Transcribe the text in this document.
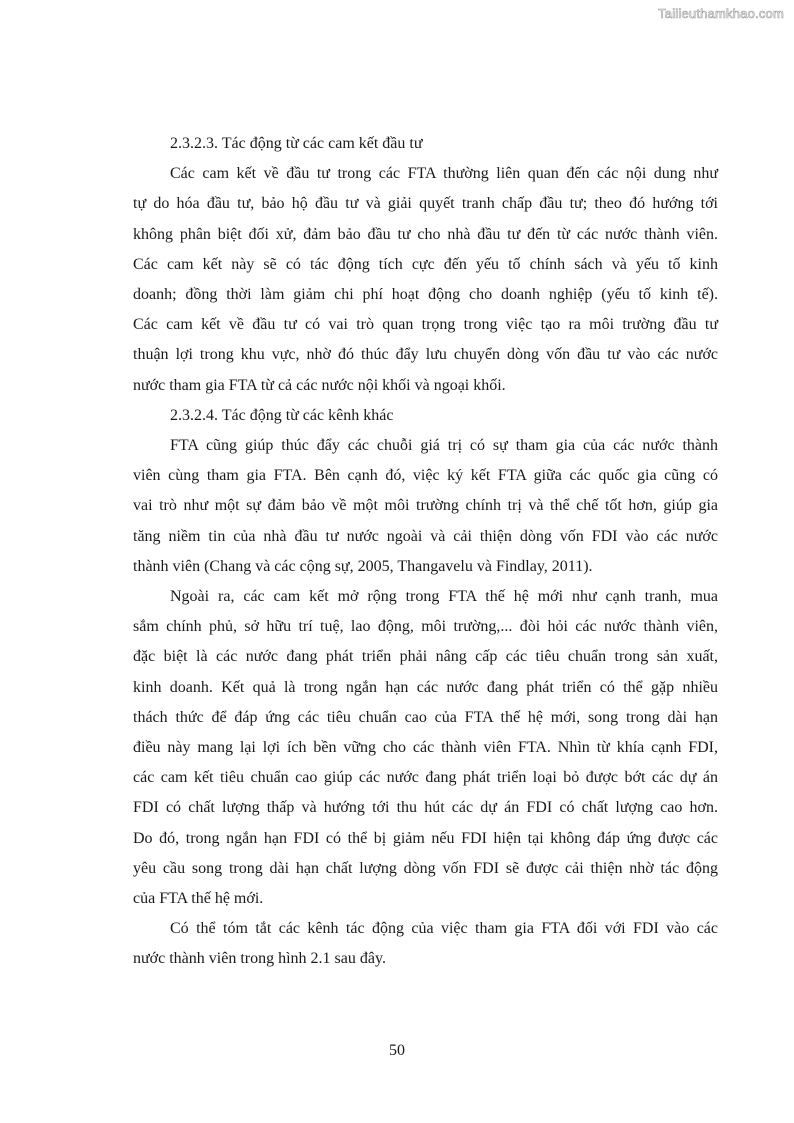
Tailieuthamkhao.com

2.3.2.3. Tác động từ các cam kết đầu tư

Các cam kết về đầu tư trong các FTA thường liên quan đến các nội dung như
tự do hóa đầu tư, bảo hộ đầu tư và giải quyết tranh chấp đầu tư; theo đó hướng tới
không phân biệt đối xử, đảm bảo đầu tư cho nhà đầu tư đến từ các nước thành viên.
Các cam kết này sẽ có tác động tích cực đến yếu tố chính sách và yếu tố kinh
doanh; đồng thời làm giảm chi phí hoạt động cho doanh nghiệp (yếu tố kinh tế).
Các cam kết về đầu tư có vai trò quan trọng trong việc tạo ra môi trường đầu tư
thuận lợi trong khu vực, nhờ đó thúc đẩy lưu chuyển dòng vốn đầu tư vào các nước
nước tham gia FTA từ cả các nước nội khối và ngoại khối.

2.3.2.4. Tác động từ các kênh khác

FTA cũng giúp thúc đẩy các chuỗi giá trị có sự tham gia của các nước thành
viên cùng tham gia FTA. Bên cạnh đó, việc ký kết FTA giữa các quốc gia cũng có
vai trò như một sự đảm bảo về một môi trường chính trị và thể chế tốt hơn, giúp gia
tăng niềm tin của nhà đầu tư nước ngoài và cải thiện dòng vốn FDI vào các nước
thành viên (Chang và các cộng sự, 2005, Thangavelu và Findlay, 2011).
Ngoài ra, các cam kết mở rộng trong FTA thế hệ mới như cạnh tranh, mua
sắm chính phủ, sở hữu trí tuệ, lao động, môi trường,... đòi hỏi các nước thành viên,
đặc biệt là các nước đang phát triển phải nâng cấp các tiêu chuẩn trong sản xuất,
kinh doanh. Kết quả là trong ngắn hạn các nước đang phát triển có thể gặp nhiều
thách thức để đáp ứng các tiêu chuẩn cao của FTA thế hệ mới, song trong dài hạn
điều này mang lại lợi ích bền vững cho các thành viên FTA. Nhìn từ khía cạnh FDI,
các cam kết tiêu chuẩn cao giúp các nước đang phát triển loại bỏ được bớt các dự án
FDI có chất lượng thấp và hướng tới thu hút các dự án FDI có chất lượng cao hơn.
Do đó, trong ngắn hạn FDI có thể bị giảm nếu FDI hiện tại không đáp ứng được các
yêu cầu song trong dài hạn chất lượng dòng vốn FDI sẽ được cải thiện nhờ tác động
của FTA thế hệ mới.
Có thể tóm tắt các kênh tác động của việc tham gia FTA đối với FDI vào các
nước thành viên trong hình 2.1 sau đây.
50
